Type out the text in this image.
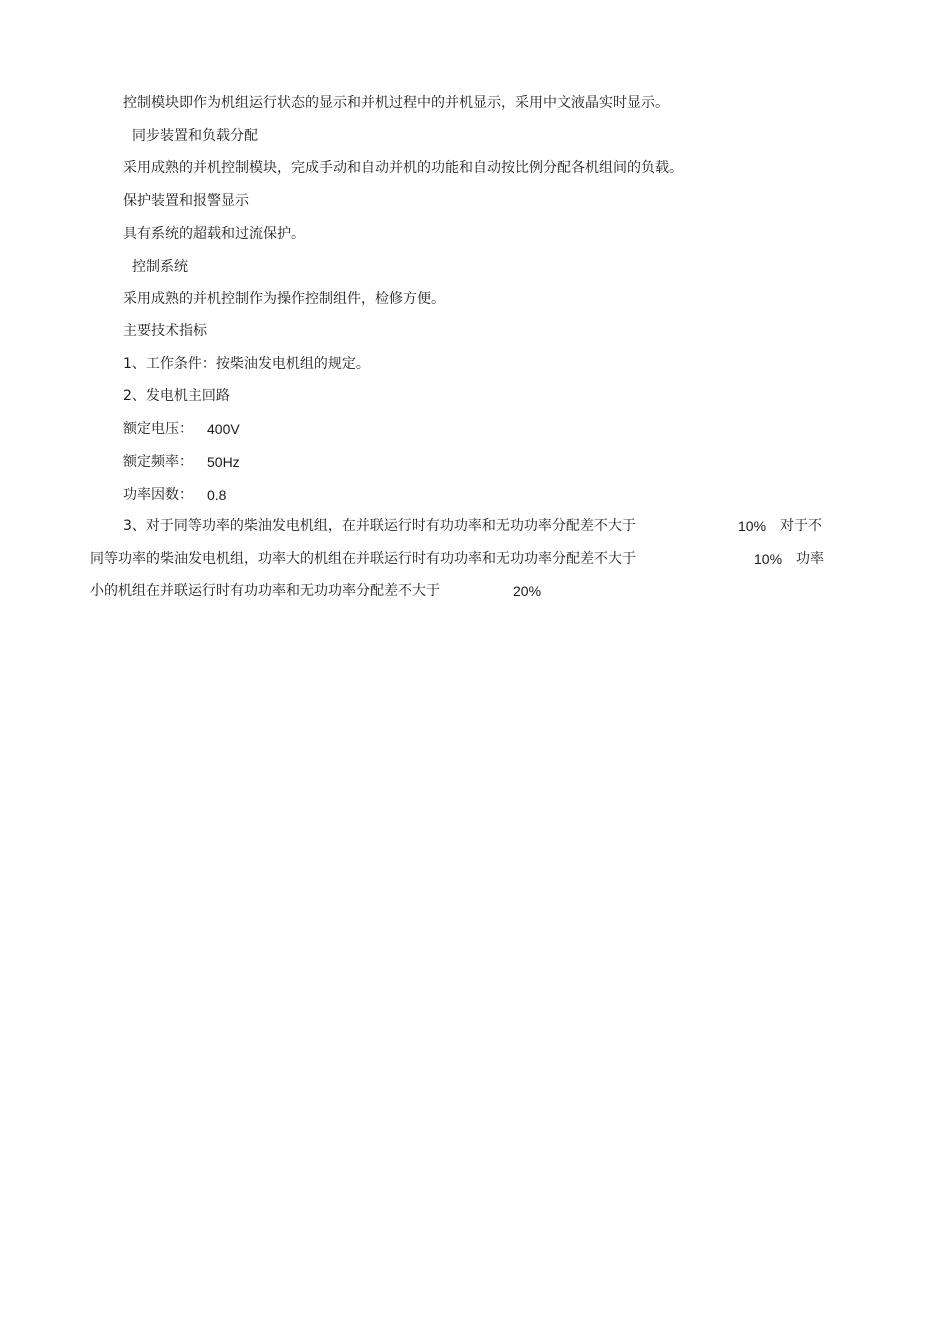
控制模块即作为机组运行状态的显示和并机过程中的并机显示，采用中文液晶实时显示。
同步装置和负载分配
采用成熟的并机控制模块，完成手动和自动并机的功能和自动按比例分配各机组间的负载。
保护装置和报警显示
具有系统的超载和过流保护。
控制系统
采用成熟的并机控制作为操作控制组件，检修方便。
主要技术指标
1、工作条件：按柴油发电机组的规定。
2、发电机主回路
额定电压： 400V
额定频率： 50Hz
功率因数： 0.8
3、对于同等功率的柴油发电机组，在并联运行时有功功率和无功功率分配差不大于	10% 对于不
同等功率的柴油发电机组，功率大的机组在并联运行时有功功率和无功功率分配差不大于	10% 功率
小的机组在并联运行时有功功率和无功功率分配差不大于	20%
